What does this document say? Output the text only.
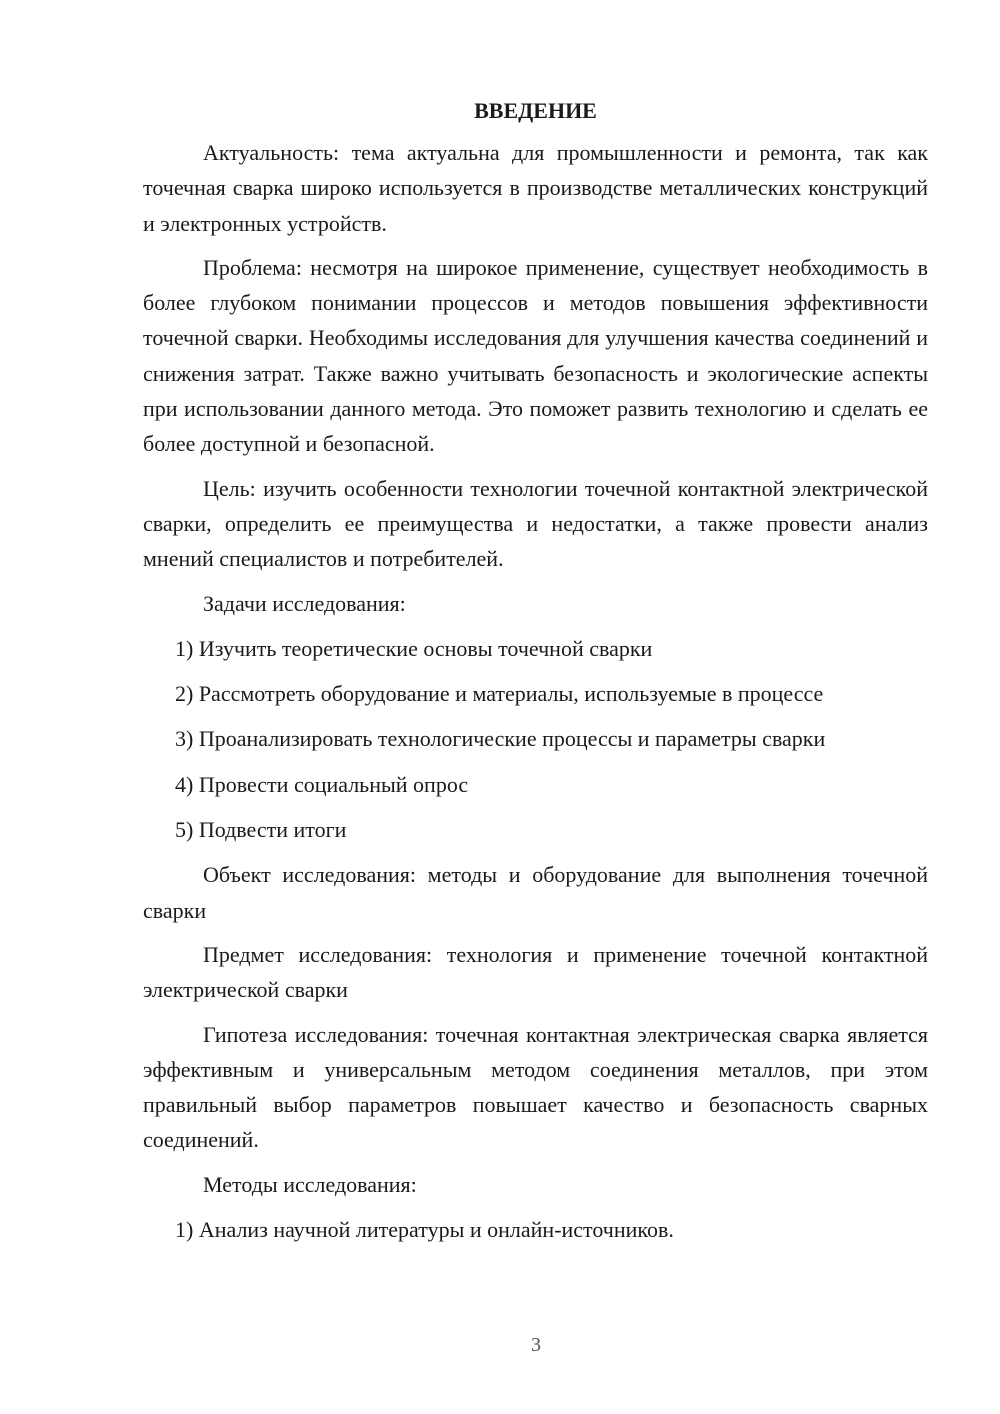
ВВЕДЕНИЕ

Актуальность: тема актуальна для промышленности и ремонта, так как точечная сварка широко используется в производстве металлических конструкций и электронных устройств.

Проблема: несмотря на широкое применение, существует необходимость в более глубоком понимании процессов и методов повышения эффективности точечной сварки. Необходимы исследования для улучшения качества соединений и снижения затрат. Также важно учитывать безопасность и экологические аспекты при использовании данного метода. Это поможет развить технологию и сделать ее более доступной и безопасной.

Цель: изучить особенности технологии точечной контактной электрической сварки, определить ее преимущества и недостатки, а также провести анализ мнений специалистов и потребителей.

Задачи исследования:
1) Изучить теоретические основы точечной сварки
2) Рассмотреть оборудование и материалы, используемые в процессе
3) Проанализировать технологические процессы и параметры сварки
4) Провести социальный опрос
5) Подвести итоги

Объект исследования: методы и оборудование для выполнения точечной сварки

Предмет исследования: технология и применение точечной контактной электрической сварки

Гипотеза исследования: точечная контактная электрическая сварка является эффективным и универсальным методом соединения металлов, при этом правильный выбор параметров повышает качество и безопасность сварных соединений.

Методы исследования:
1) Анализ научной литературы и онлайн-источников.
3
